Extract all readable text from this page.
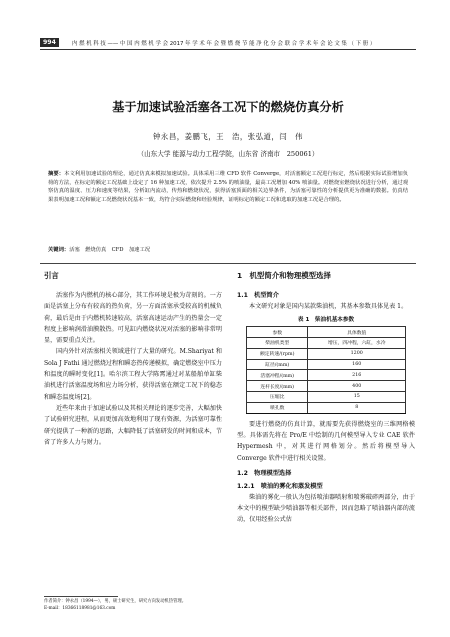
994	内 燃 机 科 技 —— 中 国 内 燃 机 学 会 2017 年 学 术 年 会 暨 燃 烧 节 能 净 化 分 会 联 合 学 术 年 会 论 文 集 （ 下 册 ）
基于加速试验活塞各工况下的燃烧仿真分析
钟永昌，姜鹏飞，王　浩，张弘道，闫　伟
（山东大学 能源与动力工程学院，山东省 济南市　250061）
摘要：本文利用加速试验的理论，通过仿真来模拟加速试验。具体采用三维 CFD 软件 Converge，对活塞额定工况进行标定，然后根据实际试验增加负荷的方法，在标定的额定工况基础上设定了 16 种加速工况，依次提升 2.5% 的喷油量，最高工况增加 40% 喷油量。对燃烧室燃烧状况进行分析，通过观察仿真的温度、压力和速度等结果，分析缸内流动，传热和燃烧状况，获得活塞顶面的相关边界条件，为活塞可靠性的分析提供更为准确的数据。仿真结果表明加速工况和额定工况燃烧状况基本一致，均符合实际燃烧和经验规律，证明标定的额定工况和选取的加速工况是合理的。
关键词：活塞　燃烧仿真　CFD　加速工况
引言

活塞作为内燃机的核心部分，其工作环境是极为苛刻的。一方面是活塞上分布有较高的热负荷，另一方面活塞承受较高的机械负荷，最后是由于内燃机转速较高，活塞高速运动产生的热量会一定程度上影响润滑油膜散热。可见缸内燃烧状况对活塞的影响非常明显，需要重点关注。

国内外针对活塞相关领域进行了大量的研究。M.Shariyat 和 Sola J Fathi 通过燃烧过程和瞬态热传递模拟，确定燃烧室中压力和温度的瞬时变化[1]。哈尔滨工程大学陈霄通过对某船舶单缸柴油机进行活塞温度场和应力场分析，获得活塞在额定工况下的稳态和瞬态温度场[2]。

近些年来由于加速试验以及其相关理论的逐步完善，大幅加快了试验研究进程，从而更加高效地利用了现有资源，为活塞可靠性研究提供了一种新的思路，大幅降低了活塞研发的时间和成本，节省了许多人力与财力。

作者简介：钟永昌（1994—），男，硕士研究生，研究方向发动机热管理。
E-mail：18366118981@163.com
1　机型简介和物理模型选择
1.1　机型简介

本文研究对象是国内某款柴油机，其基本参数具体见表 1。

表 1　柴油机基本参数
参数	具体数值
柴油机类型	增压，四冲程，六缸，水冷
额定转速/(rpm)	1200
缸径/(mm)	160
活塞冲程/(mm)	216
连杆长度/(mm)	400
压缩比	15
喷孔数	8

要进行燃烧的仿真计算，就需要先获得燃烧室的三维网格模型。具体需先将在 Pro/E 中绘制的几何模型导入专业 CAE 软件 Hypermesh 中，对其进行网格划分。然后将模型导入 Converge 软件中进行相关设置。

1.2　物理模型选择
1.2.1　喷油的雾化和蒸发模型

柴油的雾化一般认为包括喷油器喷射和喷雾破碎两部分，由于本文中的模型缺少喷油器等相关部件，因而忽略了喷油器内部的流动，仅用经验公式估
